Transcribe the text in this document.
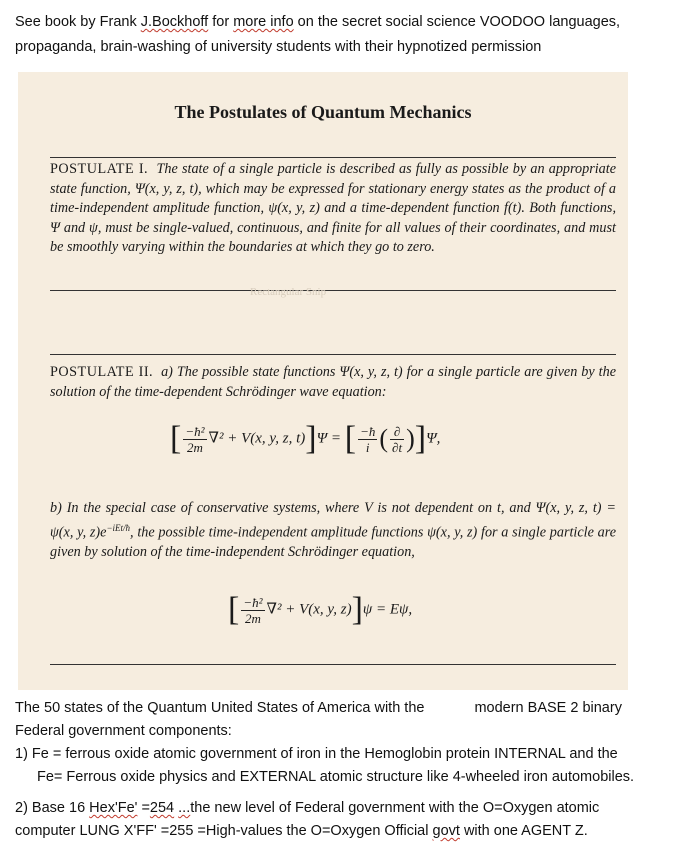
See book by Frank J.Bockhoff for more info on the secret social science VOODOO languages,
propaganda, brain-washing of university students with their hypnotized permission
The Postulates of Quantum Mechanics
POSTULATE I. The state of a single particle is described as fully as possible by an appropriate state function, Ψ(x, y, z, t), which may be expressed for stationary energy states as the product of a time-independent amplitude function, ψ(x, y, z) and a time-dependent function f(t). Both functions, Ψ and ψ, must be single-valued, continuous, and finite for all values of their coordinates, and must be smoothly varying within the boundaries at which they go to zero.
Rectangular Snip
POSTULATE II. a) The possible state functions Ψ(x, y, z, t) for a single particle are given by the solution of the time-dependent Schrödinger wave equation:
[ $\frac{\text{−ħ²}}{2m} \nabla^2 + V(x$, y, z, t)]Ψ = [ $\frac{-ħ}{i}$ ( $\frac{\partial}{\partial t} )]\Psi$,
b) In the special case of conservative systems, where V is not dependent on t, and Ψ(x, y, z, t) = ψ(x, y, $z)e^{-iEt/ħ}$, the possible time-independent amplitude functions ψ(x, y, z) for a single particle are given by solution of the time-independent Schrödinger equation,
[ $\frac{\text{−ħ²}}{2m} \nabla^2 + V(x$, y, z)]ψ = Eψ,
The 50 states of the Quantum United States of America with the	modern BASE 2 binary
Federal government components:
1) Fe = ferrous oxide atomic government of iron in the Hemoglobin protein INTERNAL and the
Fe= Ferrous oxide physics and EXTERNAL atomic structure like 4-wheeled iron automobiles.
2) Base 16 Hex'Fe' =254 ...the new level of Federal government with the O=Oxygen atomic
computer LUNG X'FF' =255 =High-values the O=Oxygen Official govt with one AGENT Z.
